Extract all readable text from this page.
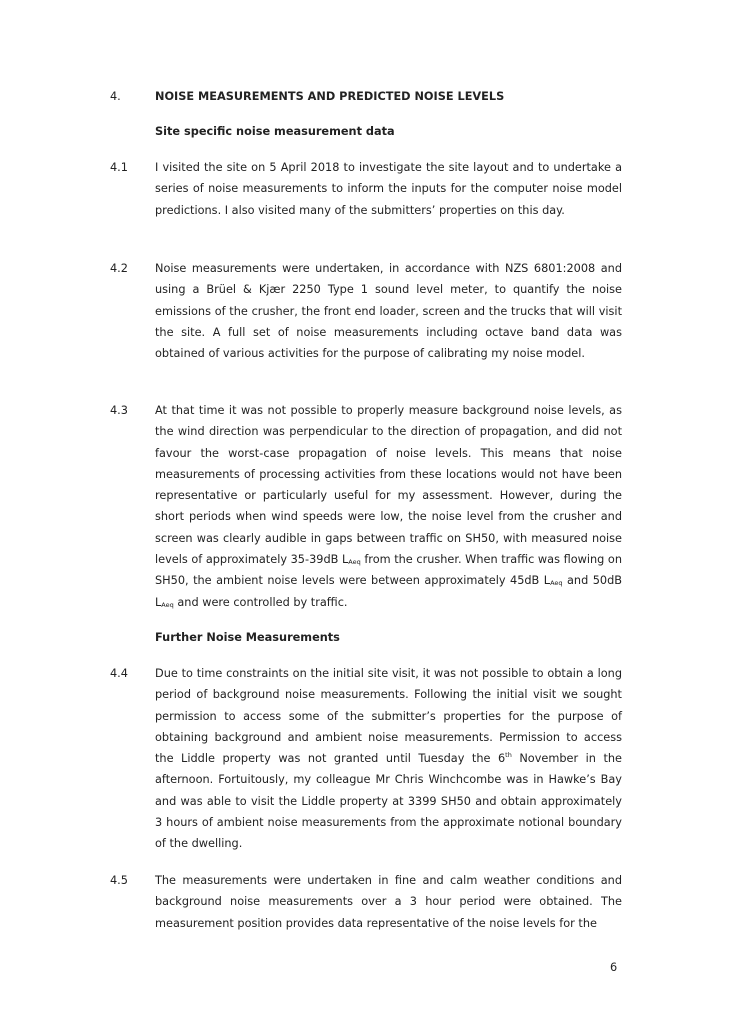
4.	NOISE MEASUREMENTS AND PREDICTED NOISE LEVELS
Site specific noise measurement data
4.1 I visited the site on 5 April 2018 to investigate the site layout and to undertake a series of noise measurements to inform the inputs for the computer noise model predictions. I also visited many of the submitters’ properties on this day.
4.2 Noise measurements were undertaken, in accordance with NZS 6801:2008 and using a Brüel & Kjær 2250 Type 1 sound level meter, to quantify the noise emissions of the crusher, the front end loader, screen and the trucks that will visit the site. A full set of noise measurements including octave band data was obtained of various activities for the purpose of calibrating my noise model.
4.3 At that time it was not possible to properly measure background noise levels, as the wind direction was perpendicular to the direction of propagation, and did not favour the worst-case propagation of noise levels. This means that noise measurements of processing activities from these locations would not have been representative or particularly useful for my assessment. However, during the short periods when wind speeds were low, the noise level from the crusher and screen was clearly audible in gaps between traffic on SH50, with measured noise levels of approximately 35-39dB $L_{Aeq}$ from the crusher. When traffic was flowing on SH50, the ambient noise levels were between approximately 45dB $L_{Aeq}$ and 50dB $L_{Aeq}$ and were controlled by traffic.
Further Noise Measurements
4.4 Due to time constraints on the initial site visit, it was not possible to obtain a long period of background noise measurements. Following the initial visit we sought permission to access some of the submitter’s properties for the purpose of obtaining background and ambient noise measurements. Permission to access the Liddle property was not granted until Tuesday the 6th November in the afternoon. Fortuitously, my colleague Mr Chris Winchcombe was in Hawke’s Bay and was able to visit the Liddle property at 3399 SH50 and obtain approximately 3 hours of ambient noise measurements from the approximate notional boundary of the dwelling.
4.5 The measurements were undertaken in fine and calm weather conditions and background noise measurements over a 3 hour period were obtained. The measurement position provides data representative of the noise levels for the
6
